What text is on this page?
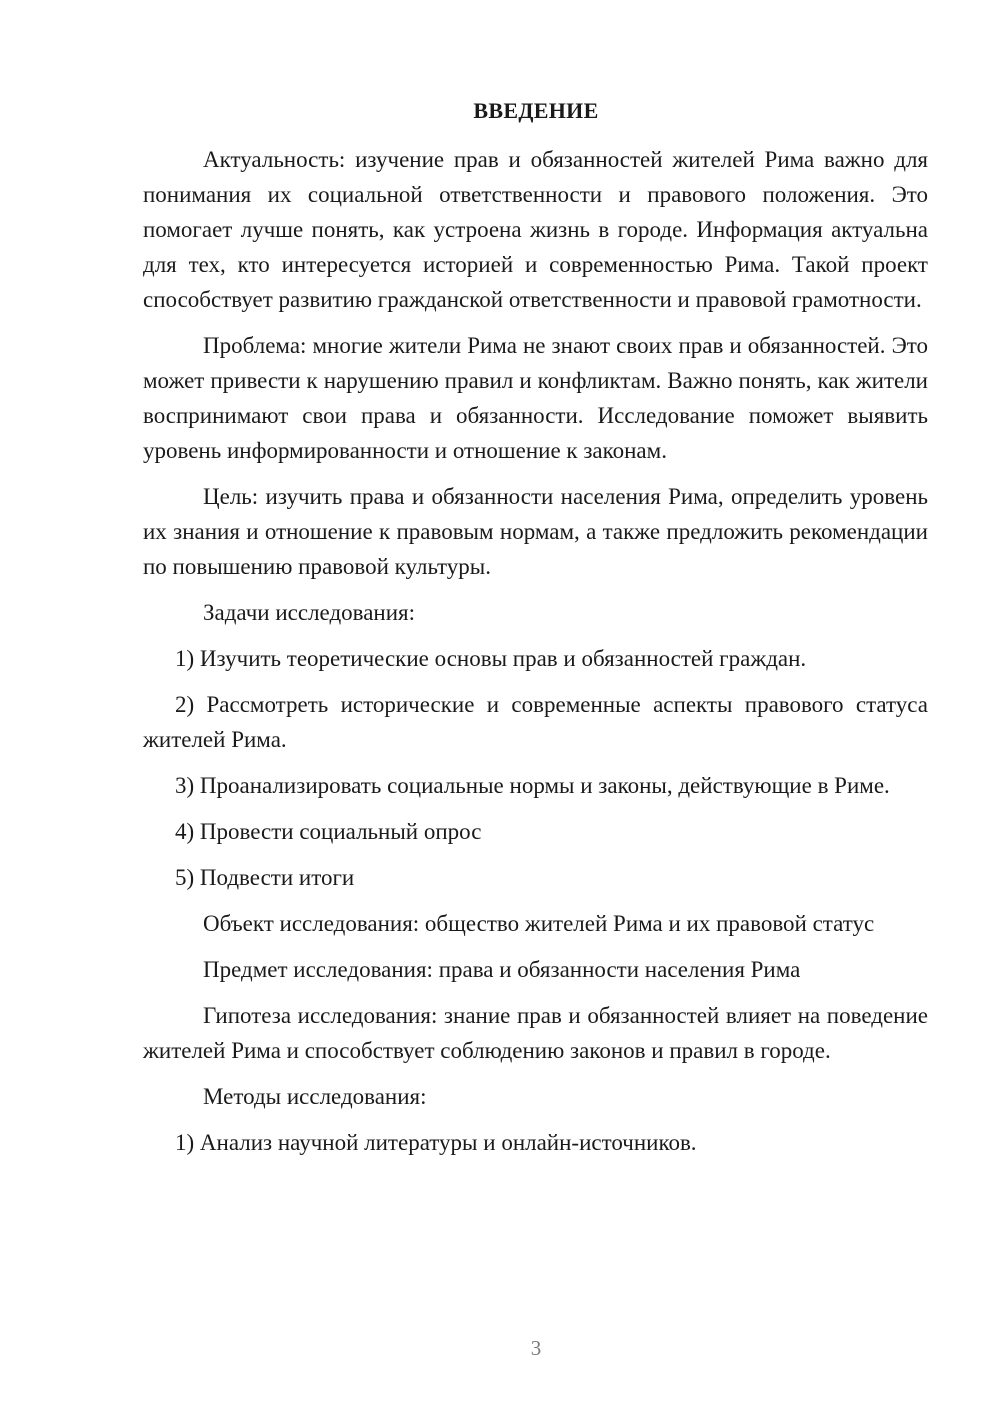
ВВЕДЕНИЕ

Актуальность: изучение прав и обязанностей жителей Рима важно для понимания их социальной ответственности и правового положения. Это помогает лучше понять, как устроена жизнь в городе. Информация актуальна для тех, кто интересуется историей и современностью Рима. Такой проект способствует развитию гражданской ответственности и правовой грамотности.

Проблема: многие жители Рима не знают своих прав и обязанностей. Это может привести к нарушению правил и конфликтам. Важно понять, как жители воспринимают свои права и обязанности. Исследование поможет выявить уровень информированности и отношение к законам.

Цель: изучить права и обязанности населения Рима, определить уровень их знания и отношение к правовым нормам, а также предложить рекомендации по повышению правовой культуры.

Задачи исследования:

1) Изучить теоретические основы прав и обязанностей граждан.

2) Рассмотреть исторические и современные аспекты правового статуса жителей Рима.

3) Проанализировать социальные нормы и законы, действующие в Риме.

4) Провести социальный опрос

5) Подвести итоги

Объект исследования: общество жителей Рима и их правовой статус

Предмет исследования: права и обязанности населения Рима

Гипотеза исследования: знание прав и обязанностей влияет на поведение жителей Рима и способствует соблюдению законов и правил в городе.

Методы исследования:

1) Анализ научной литературы и онлайн-источников.

3
